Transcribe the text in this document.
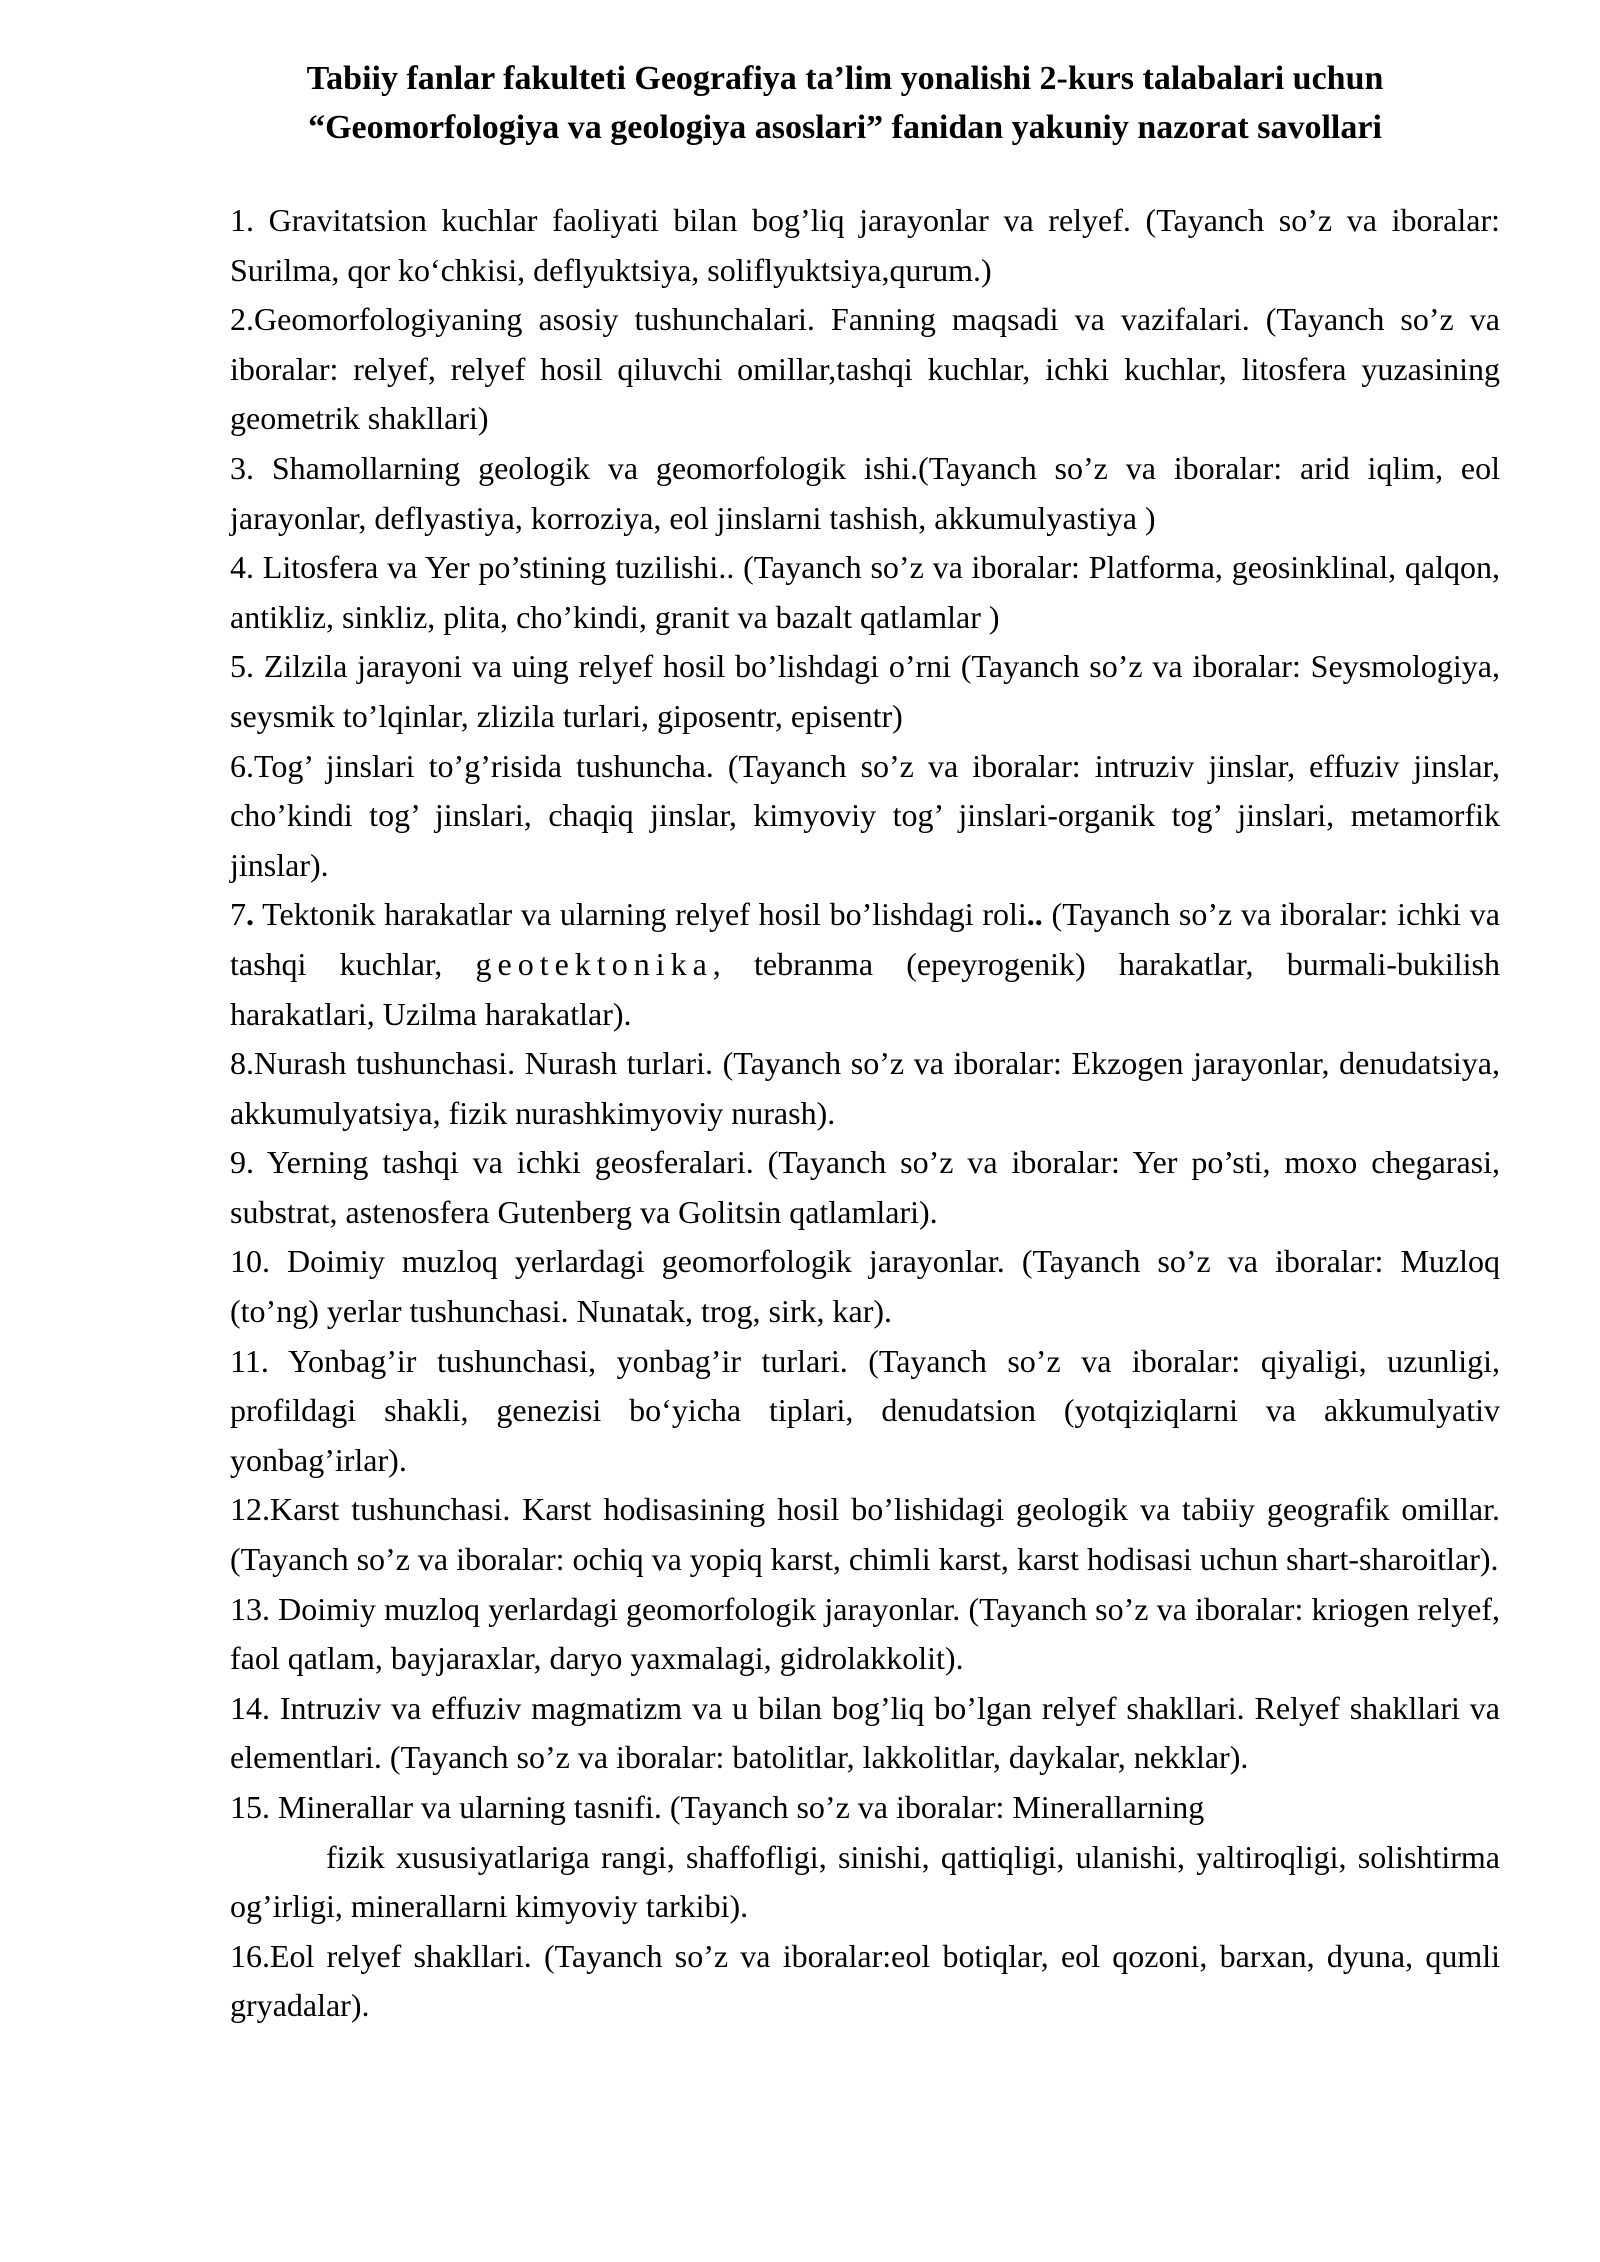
Tabiiy fanlar fakulteti Geografiya ta’lim yonalishi 2-kurs talabalari uchun
“Geomorfologiya va geologiya asoslari” fanidan yakuniy nazorat savollari

1. Gravitatsion kuchlar faoliyati bilan bog’liq jarayonlar va relyef. (Tayanch so’z va iboralar: Surilma, qor ko‘chkisi, deflyuktsiya, soliflyuktsiya,qurum.)

2.Geomorfologiyaning asosiy tushunchalari. Fanning maqsadi va vazifalari. (Tayanch so’z va iboralar: relyef, relyef hosil qiluvchi omillar,tashqi kuchlar, ichki kuchlar, litosfera yuzasining geometrik shakllari)

3. Shamollarning geologik va geomorfologik ishi.(Tayanch so’z va iboralar: arid iqlim, eol jarayonlar, deflyastiya, korroziya, eol jinslarni tashish, akkumulyastiya )

4. Litosfera va Yer po’stining tuzilishi.. (Tayanch so’z va iboralar: Platforma, geosinklinal, qalqon, antikliz, sinkliz, plita, cho’kindi, granit va bazalt qatlamlar )

5. Zilzila jarayoni va uing relyef hosil bo’lishdagi o’rni (Tayanch so’z va iboralar: Seysmologiya, seysmik to’lqinlar, zlizila turlari, giposentr, episentr)

6.Tog’ jinslari to’g’risida tushuncha. (Tayanch so’z va iboralar: intruziv jinslar, effuziv jinslar, cho’kindi tog’ jinslari, chaqiq jinslar, kimyoviy tog’ jinslari-organik tog’ jinslari, metamorfik jinslar).

7. Tektonik harakatlar va ularning relyef hosil bo’lishdagi roli.. (Tayanch so’z va iboralar: ichki va tashqi kuchlar, geotektonika, tebranma (epeyrogenik) harakatlar, burmali-bukilish harakatlari, Uzilma harakatlar).

8.Nurash tushunchasi. Nurash turlari. (Tayanch so’z va iboralar: Ekzogen jarayonlar, denudatsiya, akkumulyatsiya, fizik nurashkimyoviy nurash).

9. Yerning tashqi va ichki geosferalari. (Tayanch so’z va iboralar: Yer po’sti, moxo chegarasi, substrat, astenosfera Gutenberg va Golitsin qatlamlari).

10. Doimiy muzloq yerlardagi geomorfologik jarayonlar. (Tayanch so’z va iboralar: Muzloq (to’ng) yerlar tushunchasi. Nunatak, trog, sirk, kar).

11. Yonbag’ir tushunchasi, yonbag’ir turlari. (Tayanch so’z va iboralar: qiyaligi, uzunligi, profildagi shakli, genezisi bo‘yicha tiplari, denudatsion (yotqiziqlarni va akkumulyativ yonbag’irlar).

12.Karst tushunchasi. Karst hodisasining hosil bo’lishidagi geologik va tabiiy geografik omillar. (Tayanch so’z va iboralar: ochiq va yopiq karst, chimli karst, karst hodisasi uchun shart-sharoitlar).

13. Doimiy muzloq yerlardagi geomorfologik jarayonlar. (Tayanch so’z va iboralar: kriogen relyef, faol qatlam, bayjaraxlar, daryo yaxmalagi, gidrolakkolit).

14. Intruziv va effuziv magmatizm va u bilan bog’liq bo’lgan relyef shakllari. Relyef shakllari va elementlari. (Tayanch so’z va iboralar: batolitlar, lakkolitlar, daykalar, nekklar).

15. Minerallar va ularning tasnifi. (Tayanch so’z va iboralar: Minerallarning
fizik xususiyatlariga rangi, shaffofligi, sinishi, qattiqligi, ulanishi, yaltiroqligi, solishtirma og’irligi, minerallarni kimyoviy tarkibi).

16.Eol relyef shakllari. (Tayanch so’z va iboralar:eol botiqlar, eol qozoni, barxan, dyuna, qumli gryadalar).
